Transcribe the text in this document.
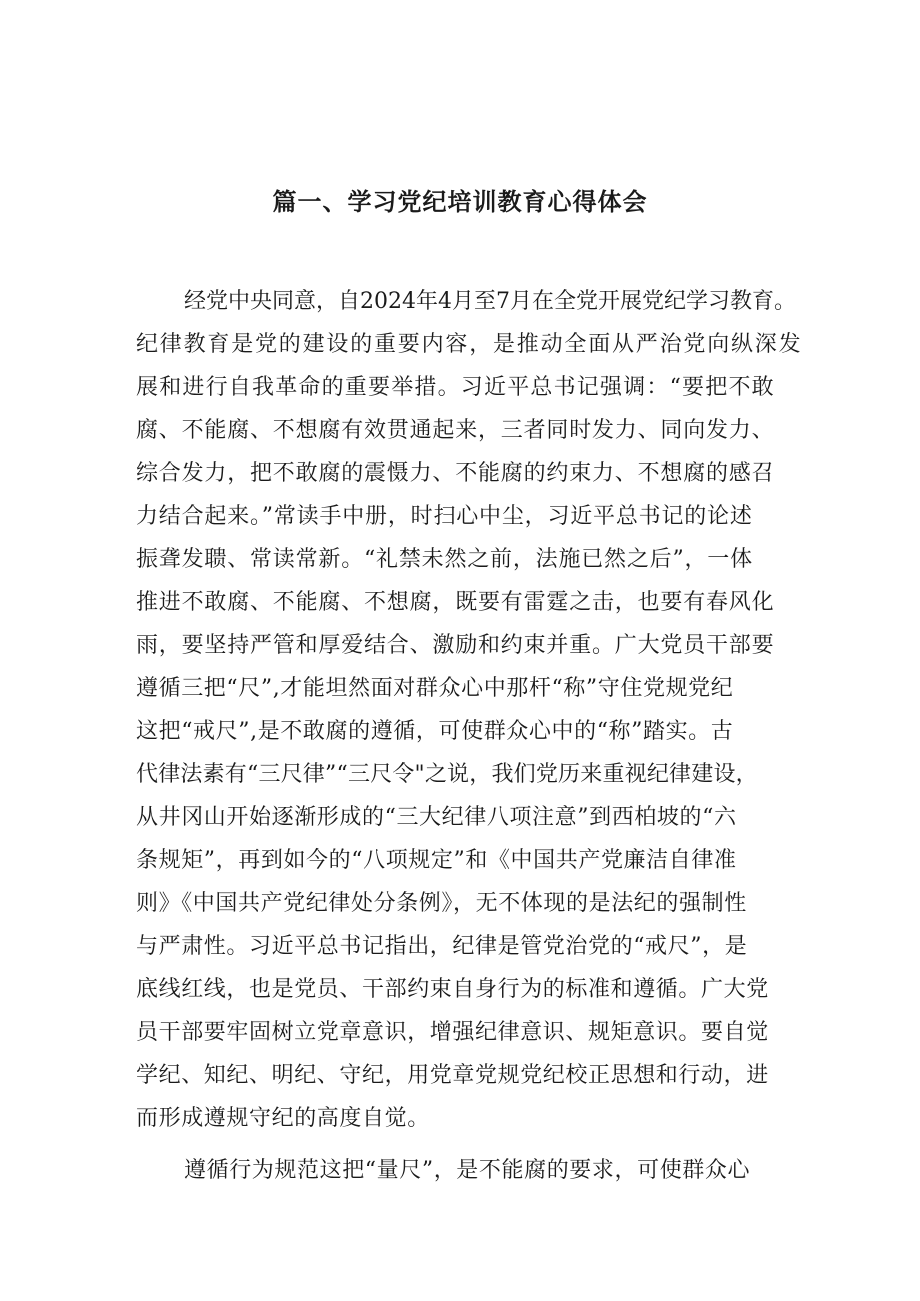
篇一、学习党纪培训教育心得体会
经党中央同意，自2024年4月至7月在全党开展党纪学习教育。
纪律教育是党的建设的重要内容，是推动全面从严治党向纵深发
展和进行自我革命的重要举措。习近平总书记强调：“要把不敢
腐、不能腐、不想腐有效贯通起来，三者同时发力、同向发力、
综合发力，把不敢腐的震慑力、不能腐的约束力、不想腐的感召
力结合起来。”常读手中册，时扫心中尘，习近平总书记的论述
振聋发聩、常读常新。“礼禁未然之前，法施已然之后”，一体
推进不敢腐、不能腐、不想腐，既要有雷霆之击，也要有春风化
雨，要坚持严管和厚爱结合、激励和约束并重。广大党员干部要
遵循三把“尺”,才能坦然面对群众心中那杆“称”守住党规党纪
这把“戒尺”,是不敢腐的遵循，可使群众心中的“称”踏实。古
代律法素有“三尺律”“三尺令"之说，我们党历来重视纪律建设，
从井冈山开始逐渐形成的“三大纪律八项注意”到西柏坡的“六
条规矩”，再到如今的“八项规定”和《中国共产党廉洁自律准
则》《中国共产党纪律处分条例》，无不体现的是法纪的强制性
与严肃性。习近平总书记指出，纪律是管党治党的“戒尺”，是
底线红线，也是党员、干部约束自身行为的标准和遵循。广大党
员干部要牢固树立党章意识，增强纪律意识、规矩意识。要自觉
学纪、知纪、明纪、守纪，用党章党规党纪校正思想和行动，进
而形成遵规守纪的高度自觉。
遵循行为规范这把“量尺”，是不能腐的要求，可使群众心
